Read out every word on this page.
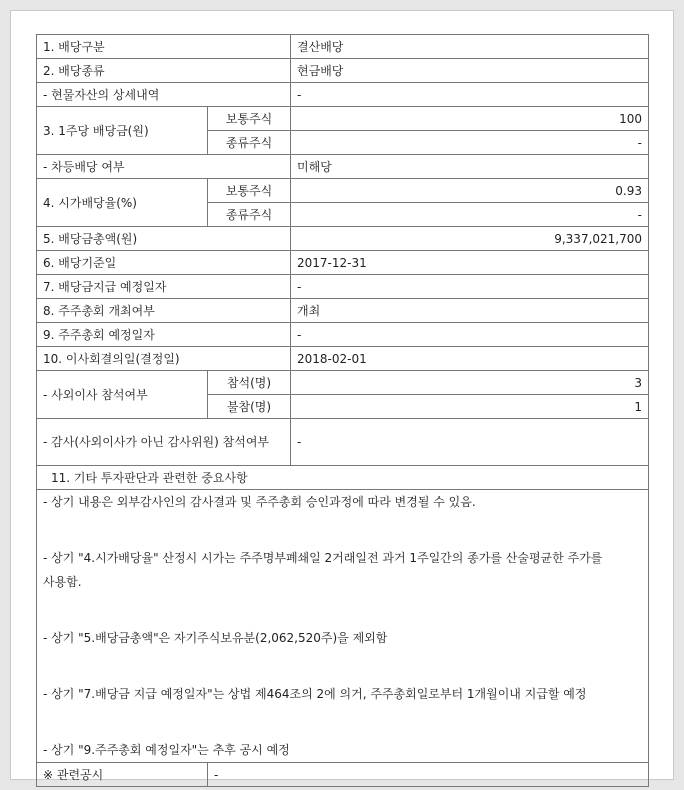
1. 배당구분		결산배당
2. 배당종류		현금배당
- 현물자산의 상세내역		-
3. 1주당 배당금(원)	보통주식	100
	종류주식	-
- 차등배당 여부		미해당
4. 시가배당율(%)	보통주식	0.93
	종류주식	-
5. 배당금총액(원)		9,337,021,700
6. 배당기준일		2017-12-31
7. 배당금지급 예정일자		-
8. 주주총회 개최여부		개최
9. 주주총회 예정일자		-
10. 이사회결의일(결정일)		2018-02-01
- 사외이사 참석여부	참석(명)	3
	불참(명)	1
- 감사(사외이사가 아닌 감사위원) 참석여부		-
11. 기타 투자판단과 관련한 중요사항		

- 상기 내용은 외부감사인의 감사결과 및 주주총회 승인과정에 따라 변경될 수 있음.
- 상기 "4.시가배당율" 산정시 시가는 주주명부폐쇄일 2거래일전 과거 1주일간의 종가를 산술평균한 주가를 사용함.
- 상기 "5.배당금총액"은 자기주식보유분(2,062,520주)을 제외함
- 상기 "7.배당금 지급 예정일자"는 상법 제464조의 2에 의거, 주주총회일로부터 1개월이내 지급할 예정
- 상기 "9.주주총회 예정일자"는 추후 공시 예정		

※ 관련공시	-	
